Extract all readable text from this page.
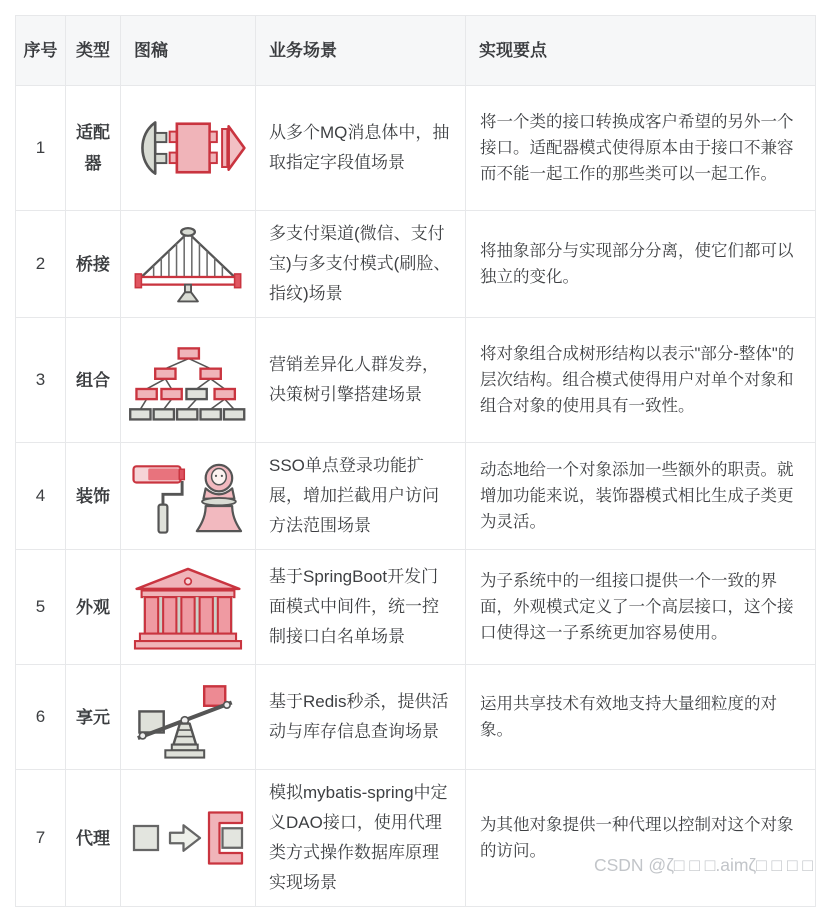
序号	类型	图稿	业务场景	实现要点
1	适配器		从多个MQ消息体中，抽取指定字段值场景	将一个类的接口转换成客户希望的另外一个接口。适配器模式使得原本由于接口不兼容而不能一起工作的那些类可以一起工作。
2	桥接		多支付渠道(微信、支付宝)与多支付模式(刷脸、指纹)场景	将抽象部分与实现部分分离，使它们都可以独立的变化。
3	组合		营销差异化人群发券，决策树引擎搭建场景	将对象组合成树形结构以表示"部分-整体"的层次结构。组合模式使得用户对单个对象和组合对象的使用具有一致性。
4	装饰		SSO单点登录功能扩展，增加拦截用户访问方法范围场景	动态地给一个对象添加一些额外的职责。就增加功能来说，装饰器模式相比生成子类更为灵活。
5	外观		基于SpringBoot开发门面模式中间件，统一控制接口白名单场景	为子系统中的一组接口提供一个一致的界面，外观模式定义了一个高层接口，这个接口使得这一子系统更加容易使用。
6	享元		基于Redis秒杀，提供活动与库存信息查询场景	运用共享技术有效地支持大量细粒度的对象。
7	代理		模拟mybatis-spring中定义DAO接口，使用代理类方式操作数据库原理实现场景	为其他对象提供一种代理以控制对这个对象的访问。
CSDN @ζ□ □ □.aimζ□ □ □ □
